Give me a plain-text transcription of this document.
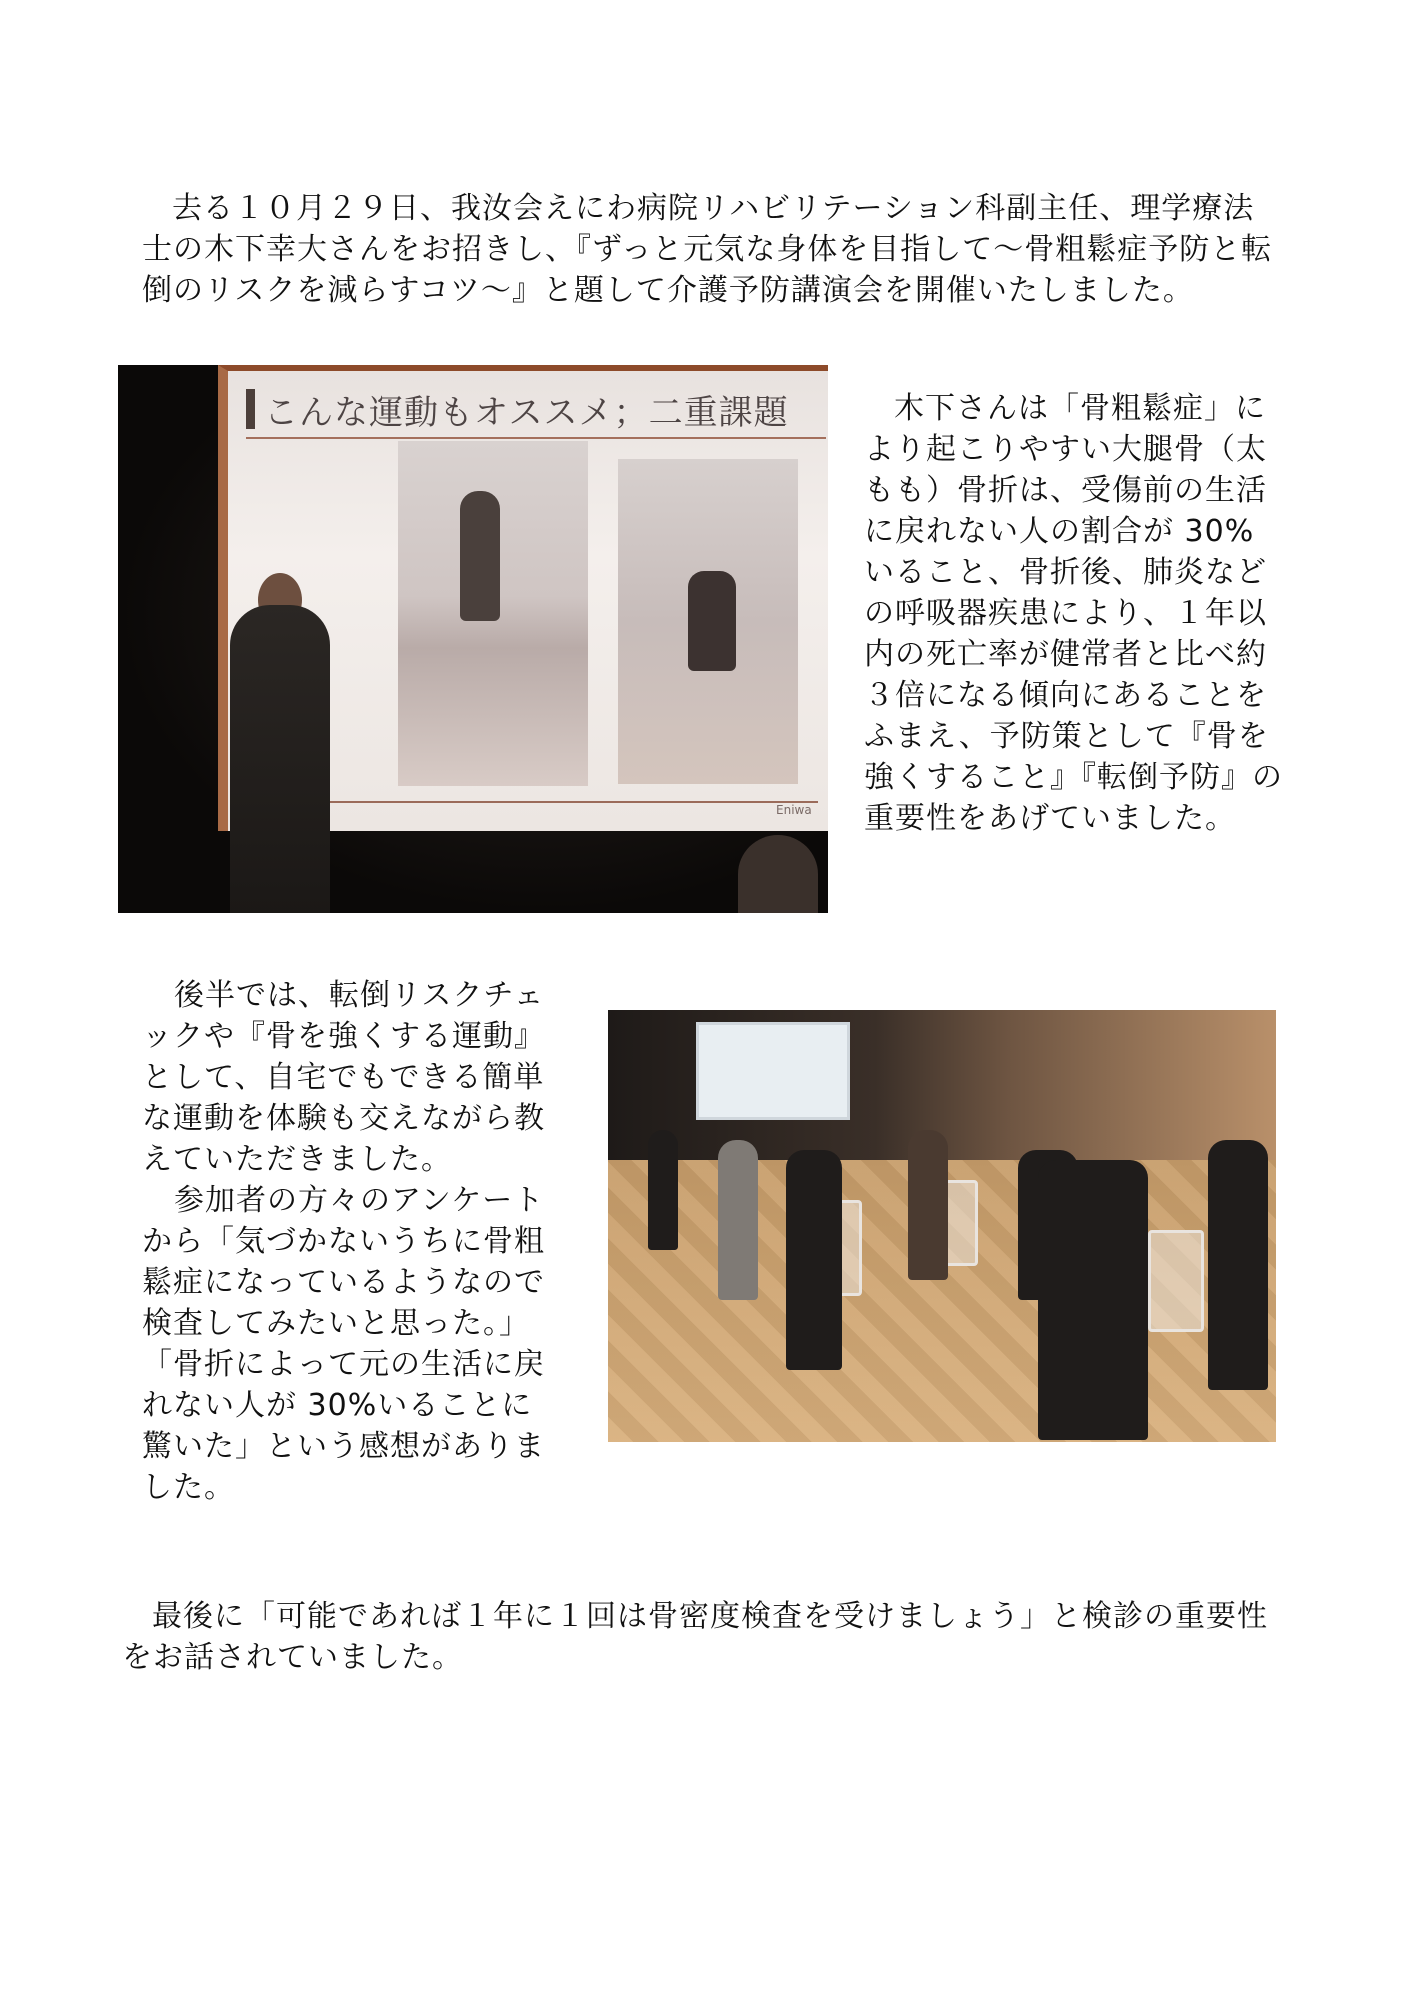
去る１０月２９日、我汝会えにわ病院リハビリテーション科副主任、理学療法士の木下幸大さんをお招きし、『ずっと元気な身体を目指して〜骨粗鬆症予防と転倒のリスクを減らすコツ〜』と題して介護予防講演会を開催いたしました。

こんな運動もオススメ；二重課題
Eniwa

木下さんは「骨粗鬆症」により起こりやすい大腿骨（太もも）骨折は、受傷前の生活に戻れない人の割合が 30%いること、骨折後、肺炎などの呼吸器疾患により、１年以内の死亡率が健常者と比べ約３倍になる傾向にあることをふまえ、予防策として『骨を強くすること』『転倒予防』の重要性をあげていました。

後半では、転倒リスクチェックや『骨を強くする運動』として、自宅でもできる簡単な運動を体験も交えながら教えていただきました。
参加者の方々のアンケートから「気づかないうちに骨粗鬆症になっているようなので検査してみたいと思った。」「骨折によって元の生活に戻れない人が 30%いることに驚いた」という感想がありました。

最後に「可能であれば１年に１回は骨密度検査を受けましょう」と検診の重要性をお話されていました。
